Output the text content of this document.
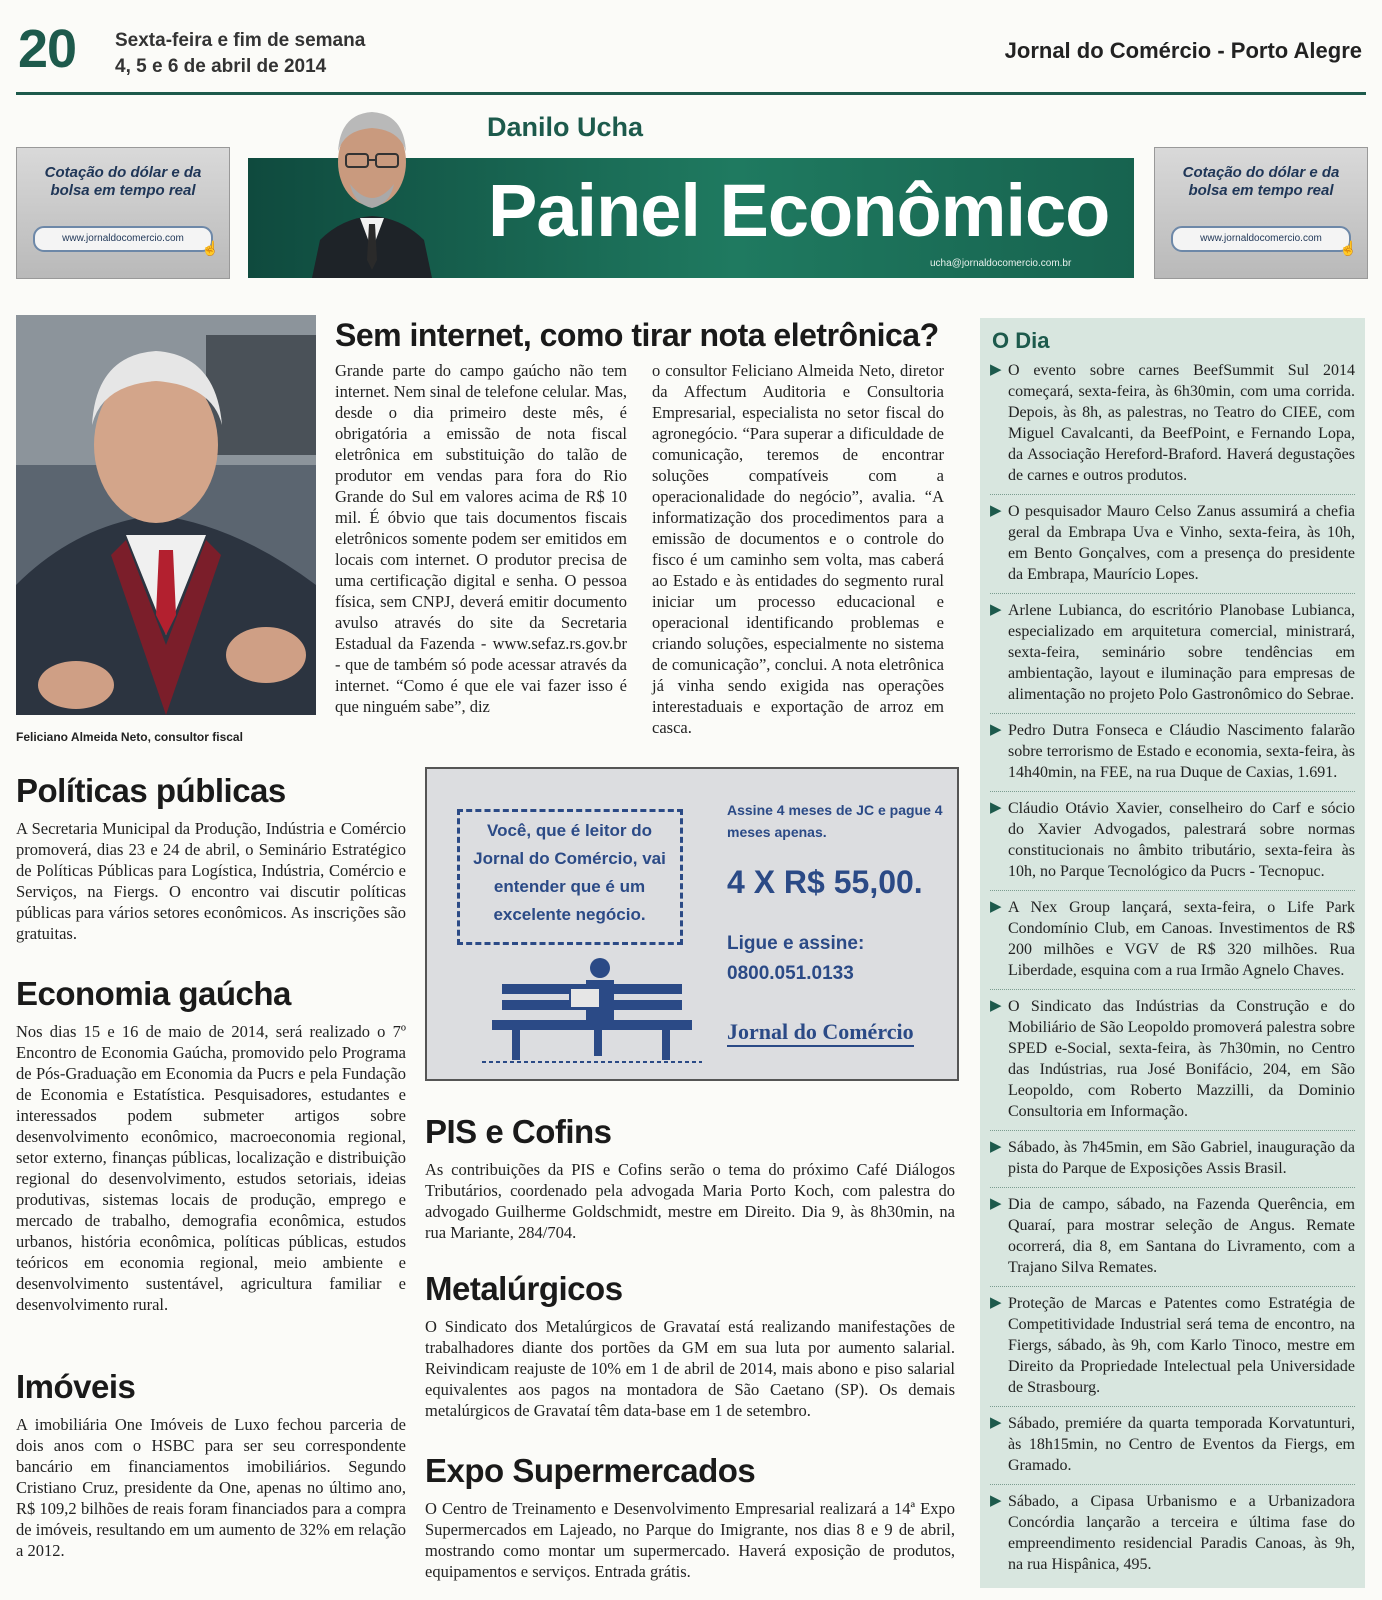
20 Sexta-feira e fim de semana
4, 5 e 6 de abril de 2014
Jornal do Comércio - Porto Alegre
Cotação do dólar e da bolsa em tempo real
www.jornaldocomercio.com
☝
Cotação do dólar e da bolsa em tempo real
www.jornaldocomercio.com
☝
Danilo Ucha
Painel Econômico
ucha@jornaldocomercio.com.br
Feliciano Almeida Neto, consultor fiscal
Sem internet, como tirar nota eletrônica?
Grande parte do campo gaúcho não tem internet. Nem sinal de telefone celular. Mas, desde o dia primeiro deste mês, é obrigatória a emissão de nota fiscal eletrônica em substituição do talão de produtor em vendas para fora do Rio Grande do Sul em valores acima de R$ 10 mil. É óbvio que tais documentos fiscais eletrônicos somente podem ser emitidos em locais com internet. O produtor precisa de uma certificação digital e senha. O pessoa física, sem CNPJ, deverá emitir documento avulso através do site da Secretaria Estadual da Fazenda - www.sefaz.rs.gov.br - que de também só pode acessar através da internet. “Como é que ele vai fazer isso é que ninguém sabe”, diz
o consultor Feliciano Almeida Neto, diretor da Affectum Auditoria e Consultoria Empresarial, especialista no setor fiscal do agronegócio. “Para superar a dificuldade de comunicação, teremos de encontrar soluções compatíveis com a operacionalidade do negócio”, avalia. “A informatização dos procedimentos para a emissão de documentos e o controle do fisco é um caminho sem volta, mas caberá ao Estado e às entidades do segmento rural iniciar um processo educacional e operacional identificando problemas e criando soluções, especialmente no sistema de comunicação”, conclui. A nota eletrônica já vinha sendo exigida nas operações interestaduais e exportação de arroz em casca.
Políticas públicas
A Secretaria Municipal da Produção, Indústria e Comércio promoverá, dias 23 e 24 de abril, o Seminário Estratégico de Políticas Públicas para Logística, Indústria, Comércio e Serviços, na Fiergs. O encontro vai discutir políticas públicas para vários setores econômicos. As inscrições são gratuitas.
Economia gaúcha
Nos dias 15 e 16 de maio de 2014, será realizado o 7º Encontro de Economia Gaúcha, promovido pelo Programa de Pós-Graduação em Economia da Pucrs e pela Fundação de Economia e Estatística. Pesquisadores, estudantes e interessados podem submeter artigos sobre desenvolvimento econômico, macroeconomia regional, setor externo, finanças públicas, localização e distribuição regional do desenvolvimento, estudos setoriais, ideias produtivas, sistemas locais de produção, emprego e mercado de trabalho, demografia econômica, estudos urbanos, história econômica, políticas públicas, estudos teóricos em economia regional, meio ambiente e desenvolvimento sustentável, agricultura familiar e desenvolvimento rural.
Imóveis
A imobiliária One Imóveis de Luxo fechou parceria de dois anos com o HSBC para ser seu correspondente bancário em financiamentos imobiliários. Segundo Cristiano Cruz, presidente da One, apenas no último ano, R$ 109,2 bilhões de reais foram financiados para a compra de imóveis, resultando em um aumento de 32% em relação a 2012.
Você, que é leitor do Jornal do Comércio, vai entender que é um excelente negócio.
Assine 4 meses de JC e pague 4 meses apenas.
4 X R$ 55,00.
Ligue e assine: 0800.051.0133
Jornal do Comércio
PIS e Cofins
As contribuições da PIS e Cofins serão o tema do próximo Café Diálogos Tributários, coordenado pela advogada Maria Porto Koch, com palestra do advogado Guilherme Goldschmidt, mestre em Direito. Dia 9, às 8h30min, na rua Mariante, 284/704.
Metalúrgicos
O Sindicato dos Metalúrgicos de Gravataí está realizando manifestações de trabalhadores diante dos portões da GM em sua luta por aumento salarial. Reivindicam reajuste de 10% em 1 de abril de 2014, mais abono e piso salarial equivalentes aos pagos na montadora de São Caetano (SP). Os demais metalúrgicos de Gravataí têm data-base em 1 de setembro.
Expo Supermercados
O Centro de Treinamento e Desenvolvimento Empresarial realizará a 14ª Expo Supermercados em Lajeado, no Parque do Imigrante, nos dias 8 e 9 de abril, mostrando como montar um supermercado. Haverá exposição de produtos, equipamentos e serviços. Entrada grátis.
O Dia
▶ O evento sobre carnes BeefSummit Sul 2014 começará, sexta-feira, às 6h30min, com uma corrida. Depois, às 8h, as palestras, no Teatro do CIEE, com Miguel Cavalcanti, da BeefPoint, e Fernando Lopa, da Associação Hereford-Braford. Haverá degustações de carnes e outros produtos.
▶ O pesquisador Mauro Celso Zanus assumirá a chefia geral da Embrapa Uva e Vinho, sexta-feira, às 10h, em Bento Gonçalves, com a presença do presidente da Embrapa, Maurício Lopes.
▶ Arlene Lubianca, do escritório Planobase Lubianca, especializado em arquitetura comercial, ministrará, sexta-feira, seminário sobre tendências em ambientação, layout e iluminação para empresas de alimentação no projeto Polo Gastronômico do Sebrae.
▶ Pedro Dutra Fonseca e Cláudio Nascimento falarão sobre terrorismo de Estado e economia, sexta-feira, às 14h40min, na FEE, na rua Duque de Caxias, 1.691.
▶ Cláudio Otávio Xavier, conselheiro do Carf e sócio do Xavier Advogados, palestrará sobre normas constitucionais no âmbito tributário, sexta-feira às 10h, no Parque Tecnológico da Pucrs - Tecnopuc.
▶ A Nex Group lançará, sexta-feira, o Life Park Condomínio Club, em Canoas. Investimentos de R$ 200 milhões e VGV de R$ 320 milhões. Rua Liberdade, esquina com a rua Irmão Agnelo Chaves.
▶ O Sindicato das Indústrias da Construção e do Mobiliário de São Leopoldo promoverá palestra sobre SPED e-Social, sexta-feira, às 7h30min, no Centro das Indústrias, rua José Bonifácio, 204, em São Leopoldo, com Roberto Mazzilli, da Dominio Consultoria em Informação.
▶ Sábado, às 7h45min, em São Gabriel, inauguração da pista do Parque de Exposições Assis Brasil.
▶ Dia de campo, sábado, na Fazenda Querência, em Quaraí, para mostrar seleção de Angus. Remate ocorrerá, dia 8, em Santana do Livramento, com a Trajano Silva Remates.
▶ Proteção de Marcas e Patentes como Estratégia de Competitividade Industrial será tema de encontro, na Fiergs, sábado, às 9h, com Karlo Tinoco, mestre em Direito da Propriedade Intelectual pela Universidade de Strasbourg.
▶ Sábado, premiére da quarta temporada Korvatunturi, às 18h15min, no Centro de Eventos da Fiergs, em Gramado.
▶ Sábado, a Cipasa Urbanismo e a Urbanizadora Concórdia lançarão a terceira e última fase do empreendimento residencial Paradis Canoas, às 9h, na rua Hispânica, 495.
